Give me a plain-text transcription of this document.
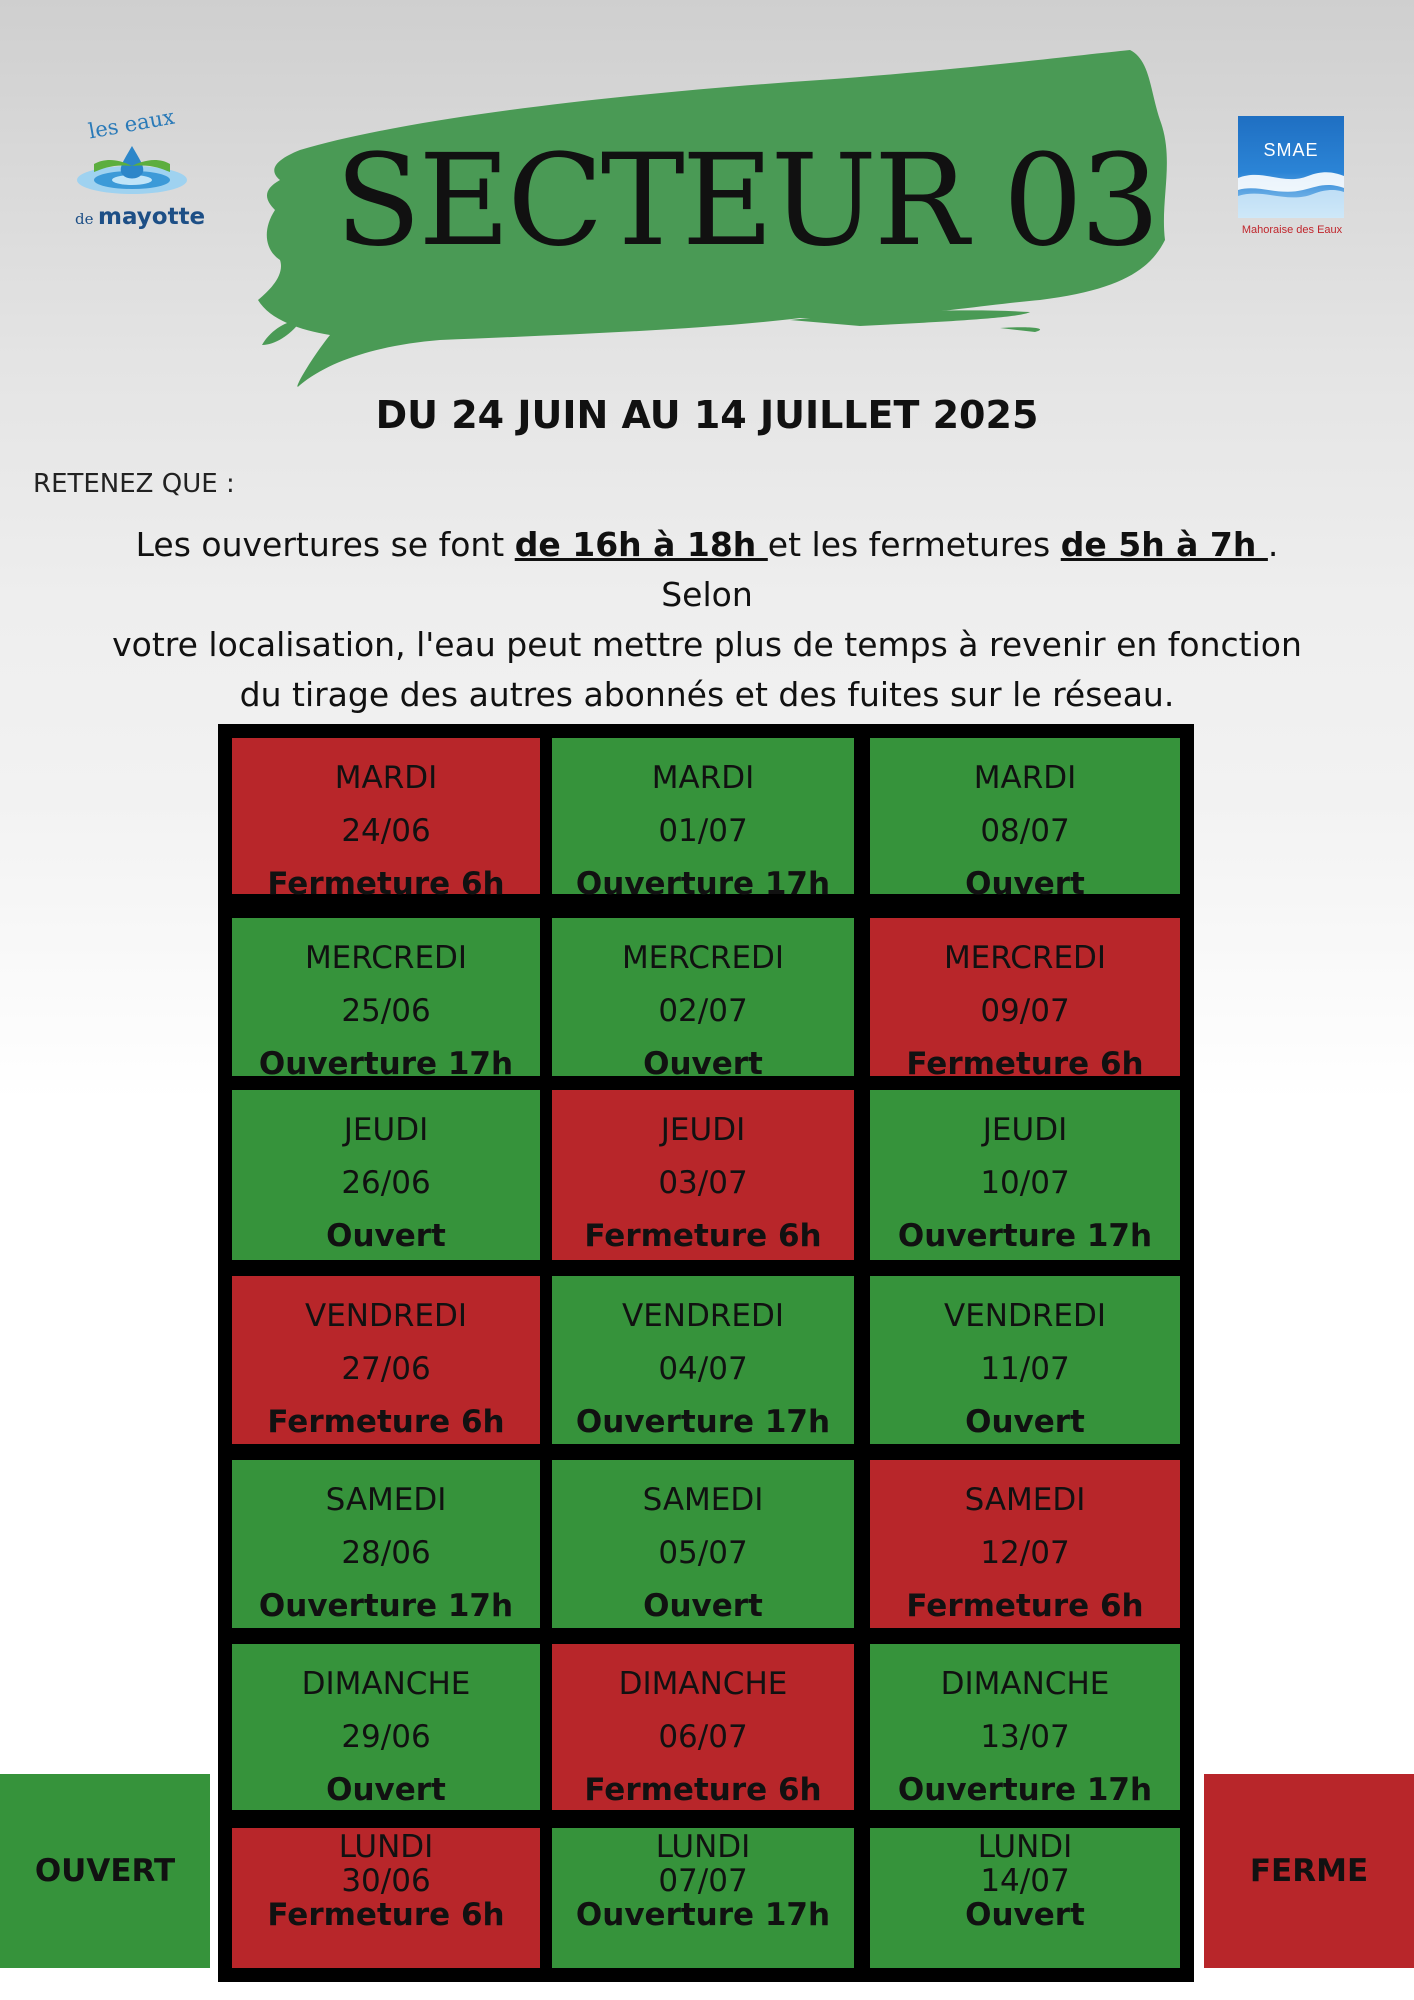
les eaux
de mayotte
SMAE
Mahoraise des Eaux
SECTEUR 03
DU 24 JUIN AU 14 JUILLET 2025
RETENEZ QUE :
Les ouvertures se font de 16h à 18h et les fermetures de 5h à 7h . Selon
votre localisation, l'eau peut mettre plus de temps à revenir en fonction
du tirage des autres abonnés et des fuites sur le réseau.

MARDI
24/06
Fermeture 6h
MARDI
01/07
Ouverture 17h
MARDI
08/07
Ouvert
MERCREDI
25/06
Ouverture 17h
MERCREDI
02/07
Ouvert
MERCREDI
09/07
Fermeture 6h
JEUDI
26/06
Ouvert
JEUDI
03/07
Fermeture 6h
JEUDI
10/07
Ouverture 17h
VENDREDI
27/06
Fermeture 6h
VENDREDI
04/07
Ouverture 17h
VENDREDI
11/07
Ouvert
SAMEDI
28/06
Ouverture 17h
SAMEDI
05/07
Ouvert
SAMEDI
12/07
Fermeture 6h
DIMANCHE
29/06
Ouvert
DIMANCHE
06/07
Fermeture 6h
DIMANCHE
13/07
Ouverture 17h
LUNDI
30/06
Fermeture 6h
LUNDI
07/07
Ouverture 17h
LUNDI
14/07
Ouvert
OUVERT	FERME
